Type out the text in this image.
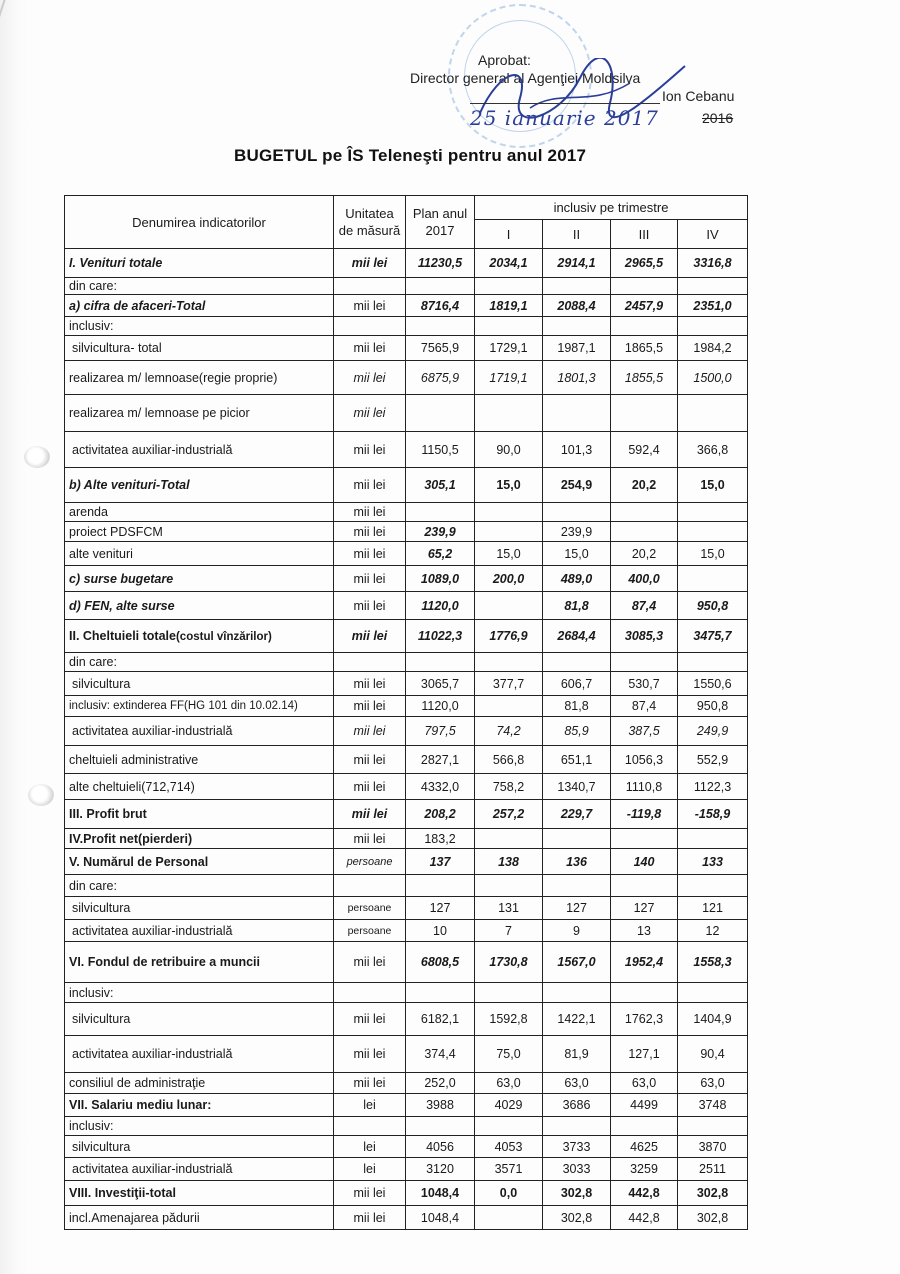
Aprobat:
Director general al Agenţiei Moldsilva
Ion Cebanu
25 ianuarie 2017	2016
BUGETUL pe ÎS Teleneşti pentru anul 2017
Denumirea indicatorilor	Unitatea de măsură	Plan anul 2017	inclusiv pe trimestre			
			I	II	III	IV
I. Venituri totale	mii lei	11230,5	2034,1	2914,1	2965,5	3316,8
din care:						
a) cifra de afaceri-Total	mii lei	8716,4	1819,1	2088,4	2457,9	2351,0
inclusiv:						
silvicultura- total	mii lei	7565,9	1729,1	1987,1	1865,5	1984,2
realizarea m/ lemnoase(regie proprie)	mii lei	6875,9	1719,1	1801,3	1855,5	1500,0
realizarea m/ lemnoase pe picior	mii lei					
activitatea auxiliar-industrială	mii lei	1150,5	90,0	101,3	592,4	366,8
b) Alte venituri-Total	mii lei	305,1	15,0	254,9	20,2	15,0
arenda	mii lei					
proiect PDSFCM	mii lei	239,9		239,9		
alte venituri	mii lei	65,2	15,0	15,0	20,2	15,0
c) surse bugetare	mii lei	1089,0	200,0	489,0	400,0	
d) FEN, alte surse	mii lei	1120,0		81,8	87,4	950,8
II. Cheltuieli totale(costul vînzărilor)	mii lei	11022,3	1776,9	2684,4	3085,3	3475,7
din care:						
silvicultura	mii lei	3065,7	377,7	606,7	530,7	1550,6
inclusiv: extinderea FF(HG 101 din 10.02.14)	mii lei	1120,0		81,8	87,4	950,8
activitatea auxiliar-industrială	mii lei	797,5	74,2	85,9	387,5	249,9
cheltuieli administrative	mii lei	2827,1	566,8	651,1	1056,3	552,9
alte cheltuieli(712,714)	mii lei	4332,0	758,2	1340,7	1110,8	1122,3
III. Profit brut	mii lei	208,2	257,2	229,7	-119,8	-158,9
IV.Profit net(pierderi)	mii lei	183,2				
V. Numărul de Personal	persoane	137	138	136	140	133
din care:						
silvicultura	persoane	127	131	127	127	121
activitatea auxiliar-industrială	persoane	10	7	9	13	12
VI. Fondul de retribuire a muncii	mii lei	6808,5	1730,8	1567,0	1952,4	1558,3
inclusiv:						
silvicultura	mii lei	6182,1	1592,8	1422,1	1762,3	1404,9
activitatea auxiliar-industrială	mii lei	374,4	75,0	81,9	127,1	90,4
consiliul de administraţie	mii lei	252,0	63,0	63,0	63,0	63,0
VII. Salariu mediu lunar:	lei	3988	4029	3686	4499	3748
inclusiv:						
silvicultura	lei	4056	4053	3733	4625	3870
activitatea auxiliar-industrială	lei	3120	3571	3033	3259	2511
VIII. Investiţii-total	mii lei	1048,4	0,0	302,8	442,8	302,8
incl.Amenajarea pădurii	mii lei	1048,4		302,8	442,8	302,8
